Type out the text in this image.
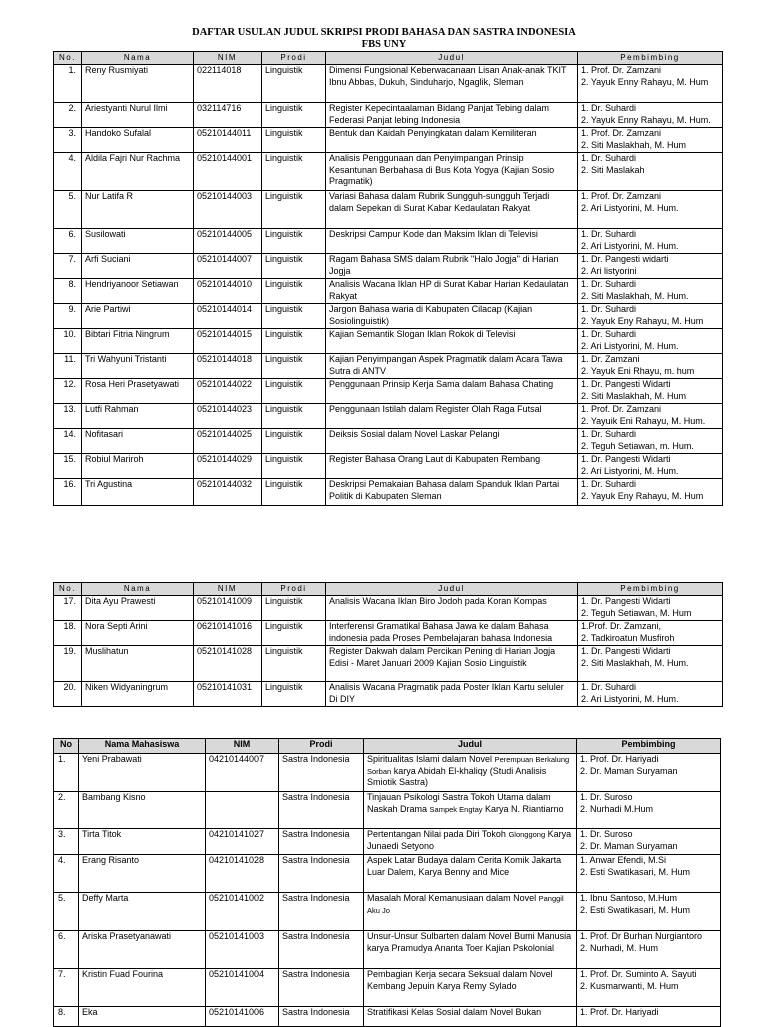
DAFTAR USULAN JUDUL SKRIPSI PRODI BAHASA DAN SASTRA INDONESIA
FBS UNY
No.	Nama	NIM	Prodi	Judul	Pembimbing
1.	Reny Rusmiyati	022114018	Linguistik	Dimensi Fungsional Keberwacanaan Lisan Anak-anak TKIT Ibnu Abbas, Dukuh, Sinduharjo, Ngaglik, Sleman	1. Prof. Dr. Zamzani
2. Yayuk Enny Rahayu, M. Hum

2.	Ariestyanti Nurul Ilmi	032114716	Linguistik	Register Kepecintaalaman Bidang Panjat Tebing dalam Federasi Panjat lebing Indonesia	1. Dr. Suhardi
2. Yayuk Enny Rahayu, M. Hum.

3.	Handoko Sufalal	05210144011	Linguistik	Bentuk dan Kaidah Penyingkatan dalam Kemiliteran	1. Prof. Dr. Zamzani
2. Siti Maslakhah, M. Hum

4.	Aldila Fajri Nur Rachma	05210144001	Linguistik	Analisis Penggunaan dan Penyimpangan Prinsip Kesantunan Berbahasa di Bus Kota Yogya (Kajian Sosio Pragmatik)	1. Dr. Suhardi
2. Siti Maslakah

5.	Nur Latifa R	05210144003	Linguistik	Variasi Bahasa dalam Rubrik Sungguh-sungguh Terjadi dalam Sepekan di Surat Kabar Kedaulatan Rakyat	1. Prof. Dr. Zamzani
2. Ari Listyorini, M. Hum.

6.	Susilowati	05210144005	Linguistik	Deskripsi Campur Kode dan Maksim Iklan di Televisi	1. Dr. Suhardi
2. Ari Listyorini, M. Hum.

7.	Arfi Suciani	05210144007	Linguistik	Ragam Bahasa SMS dalam Rubrik "Halo Jogja" di Harian Jogja	1. Dr. Pangesti widarti
2. Ari listyorini

8.	Hendriyanoor Setiawan	05210144010	Linguistik	Analisis Wacana Iklan HP di Surat Kabar Harian Kedaulatan Rakyat	1. Dr. Suhardi
2. Siti Maslakhah, M. Hum.

9.	Arie Partiwi	05210144014	Linguistik	Jargon Bahasa waria di Kabupaten Cilacap (Kajian Sosiolinguistik)	1. Dr. Suhardi
2. Yayuk Eny Rahayu, M. Hum

10.	Bibtari Fitria Ningrum	05210144015	Linguistik	Kajian Semantik Slogan Iklan Rokok di Televisi	1. Dr. Suhardi
2. Ari Listyorini, M. Hum.

11.	Tri Wahyuni Tristanti	05210144018	Linguistik	Kajian Penyimpangan Aspek Pragmatik dalam Acara Tawa Sutra di ANTV	1. Dr. Zamzani
2. Yayuk Eni Rhayu, m. hum

12.	Rosa Heri Prasetyawati	05210144022	Linguistik	Penggunaan Prinsip Kerja Sama dalam Bahasa Chating	1. Dr. Pangesti Widarti
2. Siti Maslakhah, M. Hum

13.	Lutfi Rahman	05210144023	Linguistik	Penggunaan Istilah dalam Register Olah Raga Futsal	1. Prof. Dr. Zamzani
2. Yayuik Eni Rahayu, M. Hum.

14.	Nofitasari	05210144025	Linguistik	Deiksis Sosial dalam Novel Laskar Pelangi	1. Dr. Suhardi
2. Teguh Setiawan, m. Hum.

15.	Robiul Mariroh	05210144029	Linguistik	Register Bahasa Orang Laut di Kabupaten Rembang	1. Dr. Pangesti Widarti
2. Ari Listyorini, M. Hum.

16.	Tri Agustina	05210144032	Linguistik	Deskripsi Pemakaian Bahasa dalam Spanduk Iklan Partai Politik di Kabupaten Sleman	1. Dr. Suhardi
2. Yayuk Eny Rahayu, M. Hum
No.	Nama	NIM	Prodi	Judul	Pembimbing
17.	Dita Ayu Prawesti	05210141009	Linguistik	Analisis Wacana Iklan Biro Jodoh pada Koran Kompas	1. Dr. Pangesti Widarti
2. Teguh Setiawan, M. Hum

18.	Nora Septi Arini	06210141016	Linguistik	Interferensi Gramatikal Bahasa Jawa ke dalam Bahasa indonesia pada Proses Pembelajaran bahasa Indonesia	1.Prof. Dr. Zamzani,
2. Tadkiroatun Musfiroh

19.	Muslihatun	05210141028	Linguistik	Register Dakwah dalam Percikan Pening di Harian Jogja Edisi - Maret Januari 2009 Kajian Sosio Linguistik	1. Dr. Pangesti Widarti
2. Siti Maslakhah, M. Hum.

20.	Niken Widyaningrum	05210141031	Linguistik	Analisis Wacana Pragmatik pada Poster Iklan Kartu seluler Di DIY	1. Dr. Suhardi
2. Ari Listyorini, M. Hum.
No	Nama Mahasiswa	NIM	Prodi	Judul	Pembimbing
1.	Yeni Prabawati	04210144007	Sastra Indonesia	Spiritualitas Islami dalam Novel Perempuan Berkalung Sorban karya Abidah El-khaliqy (Studi Analisis Smiotik Sastra)	1. Prof. Dr. Hariyadi
2. Dr. Maman Suryaman

2.	Bambang Kisno		Sastra Indonesia	Tinjauan Psikologi Sastra Tokoh Utama dalam Naskah Drama Sampek Engtay Karya N. Riantiarno	1. Dr. Suroso
2. Nurhadi M.Hum

3.	Tirta Titok	04210141027	Sastra Indonesia	Pertentangan Nilai pada Diri Tokoh Glonggong Karya Junaedi Setyono	1. Dr. Suroso
2. Dr. Maman Suryaman

4.	Erang Risanto	04210141028	Sastra Indonesia	Aspek Latar Budaya dalam Cerita Komik Jakarta Luar Dalem, Karya Benny and Mice	1. Anwar Efendi, M.Si
2. Esti Swatikasari, M. Hum

5.	Deffy Marta	05210141002	Sastra Indonesia	Masalah Moral Kemanusiaan dalam Novel Panggil Aku Jo	1. Ibnu Santoso, M.Hum
2. Esti Swatikasari, M. Hum

6.	Ariska Prasetyanawati	05210141003	Sastra Indonesia	Unsur-Unsur Sulbarten dalam Novel Bumi Manusia karya Pramudya Ananta Toer Kajian Pskolonial	1. Prof. Dr Burhan Nurgiantoro
2. Nurhadi, M. Hum

7.	Kristin Fuad Fourina	05210141004	Sastra Indonesia	Pembagian Kerja secara Seksual dalam Novel Kembang Jepuin Karya Remy Sylado	1. Prof. Dr. Suminto A. Sayuti
2. Kusmarwanti, M. Hum

8.	Eka	05210141006	Sastra Indonesia	Stratifikasi Kelas Sosial dalam Novel Bukan	1. Prof. Dr. Hariyadi
